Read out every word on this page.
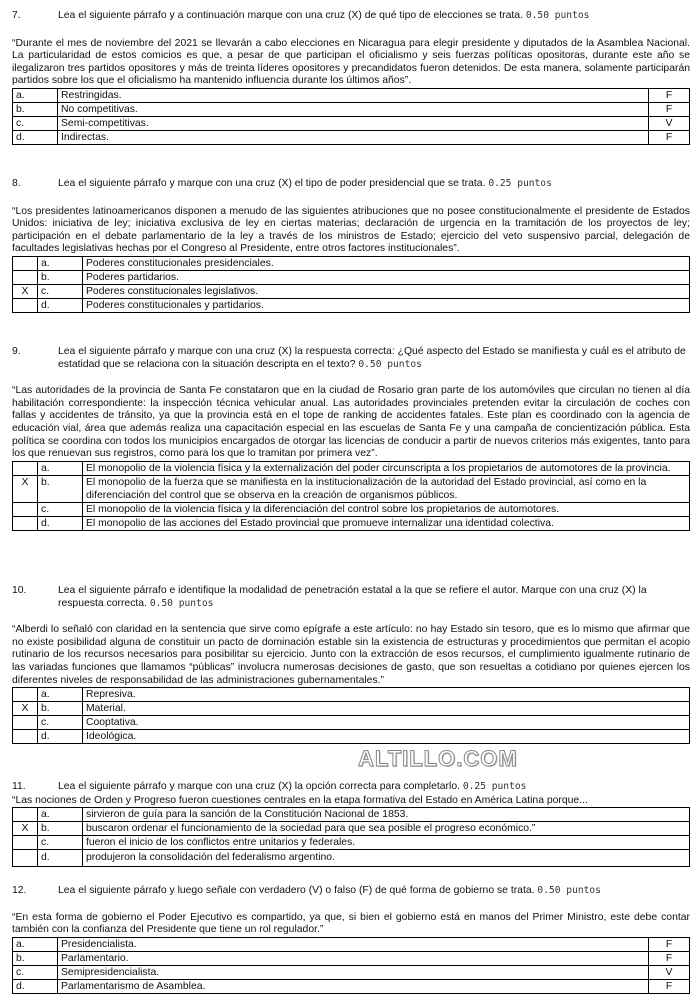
7.	Lea el siguiente párrafo y a continuación marque con una cruz (X) de qué tipo de elecciones se trata. 0.50 puntos
“Durante el mes de noviembre del 2021 se llevarán a cabo elecciones en Nicaragua para elegir presidente y diputados de la Asamblea Nacional. La particularidad de estos comicios es que, a pesar de que participan el oficialismo y seis fuerzas políticas opositoras, durante este año se ilegalizaron tres partidos opositores y más de treinta líderes opositores y precandidatos fueron detenidos. De esta manera, solamente participarán partidos sobre los que el oficialismo ha mantenido influencia durante los últimos años”.
a.	Restringidas.	F
b.	No competitivas.	F
c.	Semi-competitivas.	V
d.	Indirectas.	F
8.	Lea el siguiente párrafo y marque con una cruz (X) el tipo de poder presidencial que se trata. 0.25 puntos
“Los presidentes latinoamericanos disponen a menudo de las siguientes atribuciones que no posee constitucionalmente el presidente de Estados Unidos: iniciativa de ley; iniciativa exclusiva de ley en ciertas materias; declaración de urgencia en la tramitación de los proyectos de ley; participación en el debate parlamentario de la ley a través de los ministros de Estado; ejercicio del veto suspensivo parcial, delegación de facultades legislativas hechas por el Congreso al Presidente, entre otros factores institucionales”.
	a.	Poderes constitucionales presidenciales.
	b.	Poderes partidarios.
X	c.	Poderes constitucionales legislativos.
	d.	Poderes constitucionales y partidarios.
9.	Lea el siguiente párrafo y marque con una cruz (X) la respuesta correcta: ¿Qué aspecto del Estado se manifiesta y cuál es el atributo de estatidad que se relaciona con la situación descripta en el texto? 0.50 puntos
“Las autoridades de la provincia de Santa Fe constataron que en la ciudad de Rosario gran parte de los automóviles que circulan no tienen al día habilitación correspondiente: la inspección técnica vehicular anual. Las autoridades provinciales pretenden evitar la circulación de coches con fallas y accidentes de tránsito, ya que la provincia está en el tope de ranking de accidentes fatales. Este plan es coordinado con la agencia de educación vial, área que además realiza una capacitación especial en las escuelas de Santa Fe y una campaña de concientización pública. Esta política se coordina con todos los municipios encargados de otorgar las licencias de conducir a partir de nuevos criterios más exigentes, tanto para los que renuevan sus registros, como para los que lo tramitan por primera vez”.
	a.	El monopolio de la violencia física y la externalización del poder circunscripta a los propietarios de automotores de la provincia.
X	b.	El monopolio de la fuerza que se manifiesta en la institucionalización de la autoridad del Estado provincial, así como en la diferenciación del control que se observa en la creación de organismos públicos.
	c.	El monopolio de la violencia física y la diferenciación del control sobre los propietarios de automotores.
	d.	El monopolio de las acciones del Estado provincial que promueve internalizar una identidad colectiva.
10.	Lea el siguiente párrafo e identifique la modalidad de penetración estatal a la que se refiere el autor. Marque con una cruz (X) la respuesta correcta. 0.50 puntos
“Alberdi lo señaló con claridad en la sentencia que sirve como epígrafe a este artículo: no hay Estado sin tesoro, que es lo mismo que afirmar que no existe posibilidad alguna de constituir un pacto de dominación estable sin la existencia de estructuras y procedimientos que permitan el acopio rutinario de los recursos necesarios para posibilitar su ejercicio. Junto con la extracción de esos recursos, el cumplimiento igualmente rutinario de las variadas funciones que llamamos “públicas” involucra numerosas decisiones de gasto, que son resueltas a cotidiano por quienes ejercen los diferentes niveles de responsabilidad de las administraciones gubernamentales.”
	a.	Represiva.
X	b.	Material.
	c.	Cooptativa.
	d.	Ideológica.
11.	Lea el siguiente párrafo y marque con una cruz (X) la opción correcta para completarlo. 0.25 puntos
“Las nociones de Orden y Progreso fueron cuestiones centrales en la etapa formativa del Estado en América Latina porque...
	a.	sirvieron de guía para la sanción de la Constitución Nacional de 1853.
X	b.	buscaron ordenar el funcionamiento de la sociedad para que sea posible el progreso económico.”
	c.	fueron el inicio de los conflictos entre unitarios y federales.
	d.	produjeron la consolidación del federalismo argentino.
12.	Lea el siguiente párrafo y luego señale con verdadero (V) o falso (F) de qué forma de gobierno se trata. 0.50 puntos
“En esta forma de gobierno el Poder Ejecutivo es compartido, ya que, si bien el gobierno está en manos del Primer Ministro, este debe contar también con la confianza del Presidente que tiene un rol regulador.”
a.	Presidencialista.	F
b.	Parlamentario.	F
c.	Semipresidencialista.	V
d.	Parlamentarismo de Asamblea.	F
ALTILLO.COM
